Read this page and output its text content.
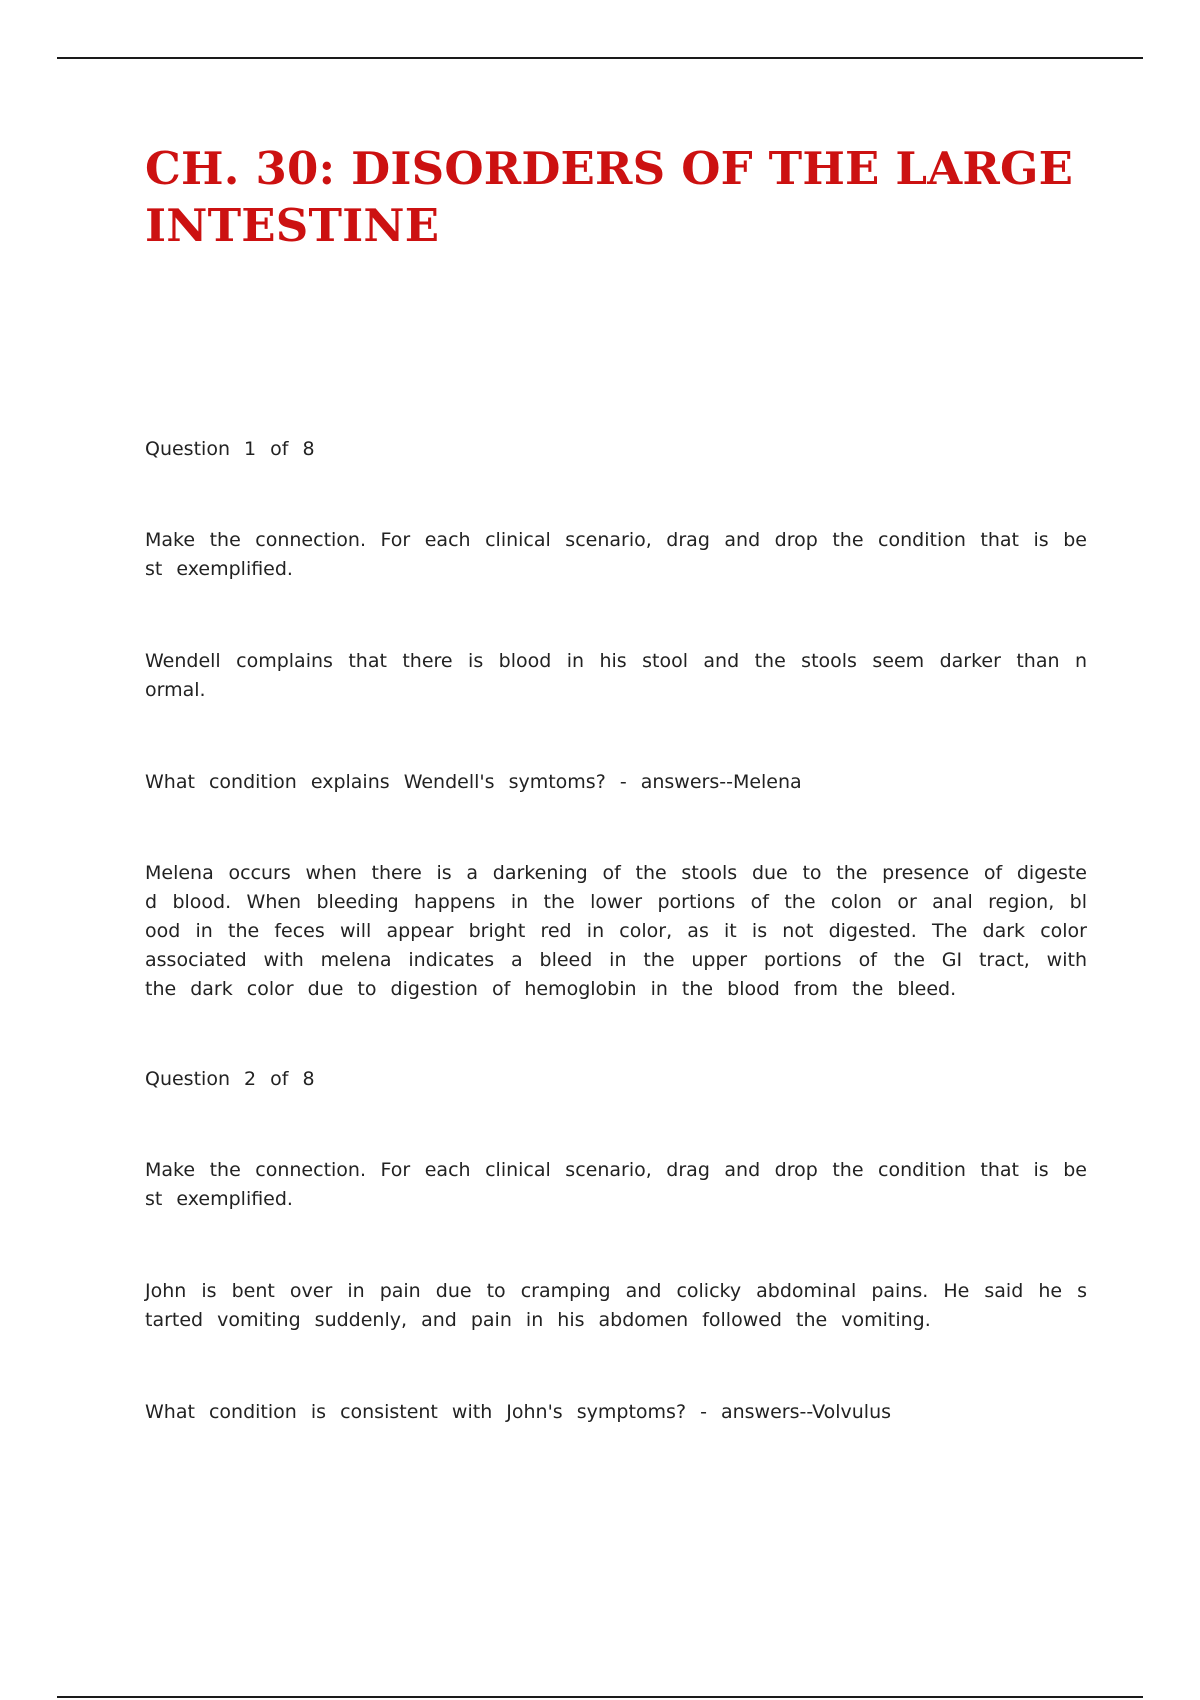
CH. 30: DISORDERS OF THE LARGE INTESTINE

Question 1 of 8

Make the connection. For each clinical scenario, drag and drop the condition that is be st exemplified.

Wendell complains that there is blood in his stool and the stools seem darker than n ormal.

What condition explains Wendell's symtoms? - answers--Melena

Melena occurs when there is a darkening of the stools due to the presence of digeste d blood. When bleeding happens in the lower portions of the colon or anal region, bl ood in the feces will appear bright red in color, as it is not digested. The dark color associated with melena indicates a bleed in the upper portions of the GI tract, with the dark color due to digestion of hemoglobin in the blood from the bleed.

Question 2 of 8

Make the connection. For each clinical scenario, drag and drop the condition that is be st exemplified.

John is bent over in pain due to cramping and colicky abdominal pains. He said he s tarted vomiting suddenly, and pain in his abdomen followed the vomiting.

What condition is consistent with John's symptoms? - answers--Volvulus
